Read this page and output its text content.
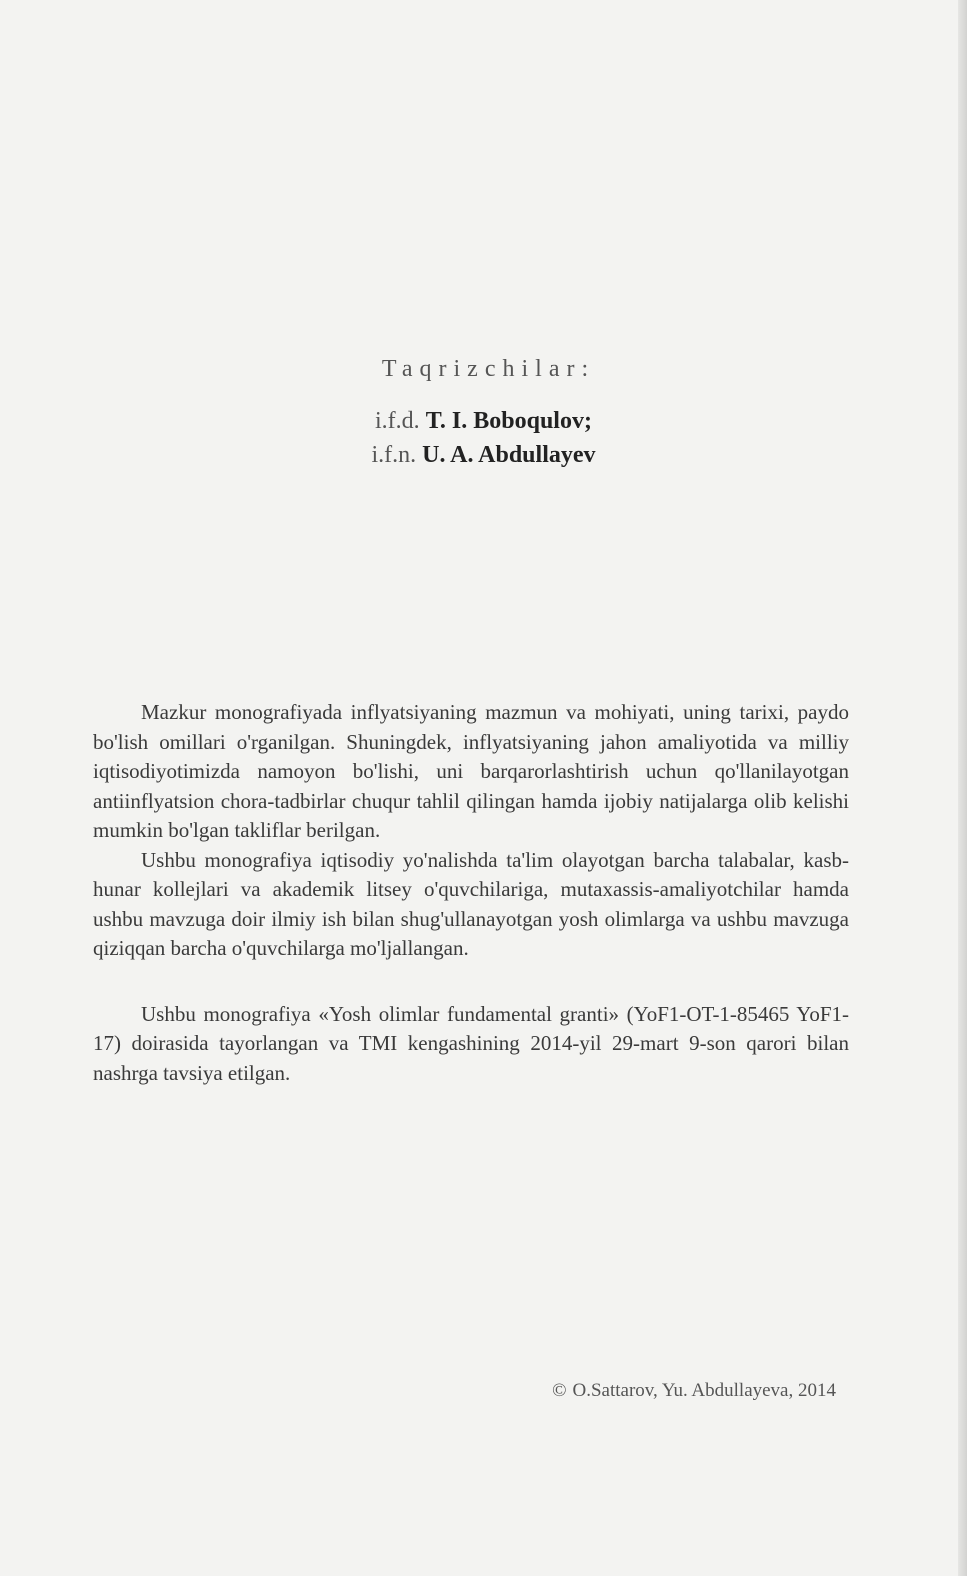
Taqrizchilar:
i.f.d. T. I. Boboqulov;
i.f.n. U. A. Abdullayev

Mazkur monografiyada inflyatsiyaning mazmun va mohiyati, uning tarixi, paydo bo'lish omillari o'rganilgan. Shuningdek, inflyatsiyaning jahon amaliyotida va milliy iqtisodiyotimizda namoyon bo'lishi, uni barqarorlashtirish uchun qo'llanilayotgan antiinflyatsion chora-tadbirlar chuqur tahlil qilingan hamda ijobiy natijalarga olib kelishi mumkin bo'lgan takliflar berilgan.

Ushbu monografiya iqtisodiy yo'nalishda ta'lim olayotgan barcha talabalar, kasb-hunar kollejlari va akademik litsey o'quvchilariga, mutaxassis-amaliyotchilar hamda ushbu mavzuga doir ilmiy ish bilan shug'ullanayotgan yosh olimlarga va ushbu mavzuga qiziqqan barcha o'quvchilarga mo'ljallangan.

Ushbu monografiya «Yosh olimlar fundamental granti» (YoF1-OT-1-85465 YoF1-17) doirasida tayorlangan va TMI kengashining 2014-yil 29-mart 9-son qarori bilan nashrga tavsiya etilgan.

© O.Sattarov, Yu. Abdullayeva, 2014
